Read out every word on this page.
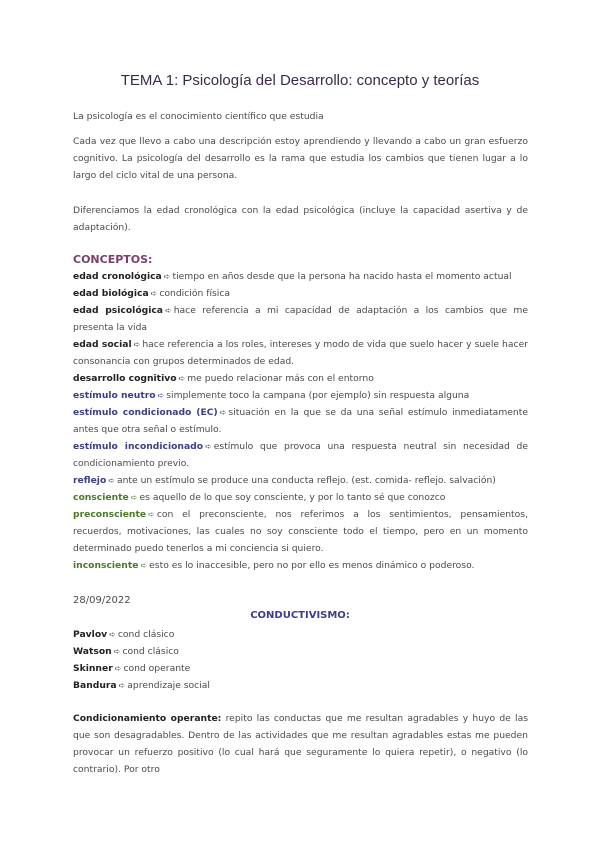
TEMA 1: Psicología del Desarrollo: concepto y teorías

La psicología es el conocimiento científico que estudia

Cada vez que llevo a cabo una descripción estoy aprendiendo y llevando a cabo un gran esfuerzo cognitivo. La psicología del desarrollo es la rama que estudia los cambios que tienen lugar a lo largo del ciclo vital de una persona.

Diferenciamos la edad cronológica con la edad psicológica (incluye la capacidad asertiva y de adaptación).

CONCEPTOS:

edad cronológica ➪ tiempo en años desde que la persona ha nacido hasta el momento actual

edad biológica ➪ condición física

edad psicológica ➪ hace referencia a mi capacidad de adaptación a los cambios que me presenta la vida

edad social ➪ hace referencia a los roles, intereses y modo de vida que suelo hacer y suele hacer consonancia con grupos determinados de edad.

desarrollo cognitivo ➪ me puedo relacionar más con el entorno

estímulo neutro ➪ simplemente toco la campana (por ejemplo) sin respuesta alguna

estímulo condicionado (EC) ➪ situación en la que se da una señal estímulo inmediatamente antes que otra señal o estímulo.

estímulo incondicionado ➪ estímulo que provoca una respuesta neutral sin necesidad de condicionamiento previo.

reflejo ➪ ante un estímulo se produce una conducta reflejo. (est. comida- reflejo. salvación)

consciente ➪ es aquello de lo que soy consciente, y por lo tanto sé que conozco

preconsciente ➪ con el preconsciente, nos referimos a los sentimientos, pensamientos, recuerdos, motivaciones, las cuales no soy consciente todo el tiempo, pero en un momento determinado puedo tenerlos a mi conciencia si quiero.

inconsciente ➪ esto es lo inaccesible, pero no por ello es menos dinámico o poderoso.

28/09/2022
CONDUCTIVISMO:

Pavlov ➪ cond clásico

Watson ➪ cond clásico

Skinner ➪ cond operante

Bandura ➪ aprendizaje social

Condicionamiento operante: repito las conductas que me resultan agradables y huyo de las que son desagradables. Dentro de las actividades que me resultan agradables estas me pueden provocar un refuerzo positivo (lo cual hará que seguramente lo quiera repetir), o negativo (lo contrario). Por otro
